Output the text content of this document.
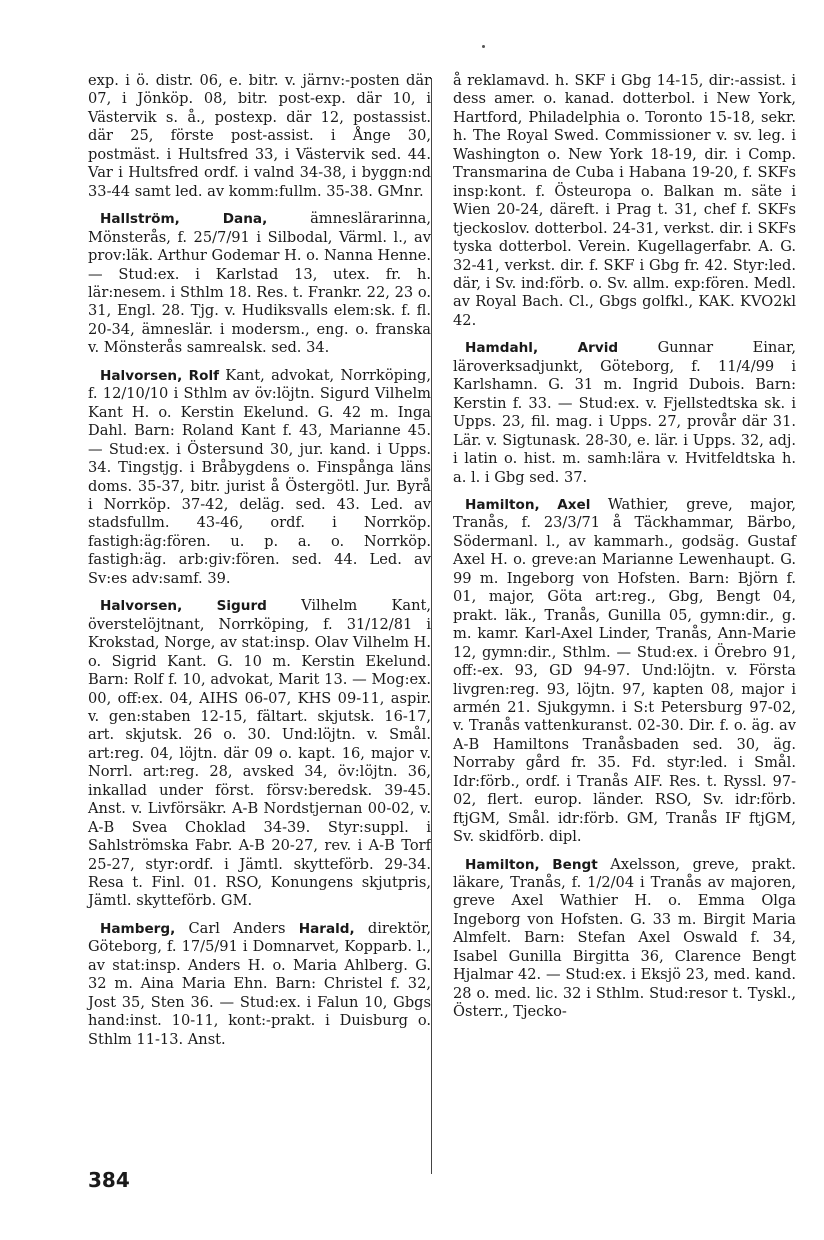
exp. i ö. distr. 06, e. bitr. v. järnv:-posten där 07, i Jönköp. 08, bitr. post-exp. där 10, i Västervik s. å., postexp. där 12, postassist. där 25, förste post-assist. i Ånge 30, postmäst. i Hultsfred 33, i Västervik sed. 44. Var i Hultsfred ordf. i valnd 34-38, i byggn:nd 33-44 samt led. av komm:fullm. 35-38. GMnr.

Hallström, Dana,	ämneslärarinna, Mönsterås, f. 25/7/91 i Silbodal, Värml. l., av prov:läk. Arthur Godemar H. o. Nanna Henne. — Stud:ex. i Karlstad 13, utex. fr. h. lär:nesem. i Sthlm 18. Res. t. Frankr. 22, 23 o. 31, Engl. 28. Tjg. v. Hudiksvalls elem:sk. f. fl. 20-34, ämneslär. i modersm., eng. o. franska v. Mönsterås samrealsk. sed. 34.

Halvorsen, Rolf Kant, advokat, Norrköping, f. 12/10/10 i Sthlm av öv:löjtn. Sigurd Vilhelm Kant H. o. Kerstin Ekelund. G. 42 m. Inga Dahl. Barn: Roland Kant f. 43, Marianne 45. — Stud:ex. i Östersund 30, jur. kand. i Upps. 34. Tingstjg. i Bråbygdens o. Finspånga läns doms. 35-37, bitr. jurist å Östergötl. Jur. Byrå i Norrköp. 37-42, deläg. sed. 43. Led. av stadsfullm. 43-46, ordf. i Norrköp. fastigh:äg:fören. u. p. a. o. Norrköp. fastigh:äg. arb:giv:fören. sed. 44. Led. av Sv:es adv:samf. 39.

Halvorsen, Sigurd Vilhelm Kant, överstelöjtnant, Norrköping, f. 31/12/81 i Krokstad, Norge, av stat:insp. Olav Vilhelm H. o. Sigrid Kant. G. 10 m. Kerstin Ekelund. Barn: Rolf f. 10, advokat, Marit 13. — Mog:ex. 00, off:ex. 04, AIHS 06-07, KHS 09-11, aspir. v. gen:staben 12-15, fältart. skjutsk. 16-17, art. skjutsk. 26 o. 30. Und:löjtn. v. Smål. art:reg. 04, löjtn. där 09 o. kapt. 16, major v. Norrl. art:reg. 28, avsked 34, öv:löjtn. 36, inkallad under först. försv:beredsk. 39-45. Anst. v. Livförsäkr. A-B Nordstjernan 00-02, v. A-B Svea Choklad 34-39. Styr:suppl. i Sahlströmska Fabr. A-B 20-27, rev. i A-B Torf 25-27, styr:ordf. i Jämtl. skytteförb. 29-34. Resa t. Finl. 01. RSO, Konungens skjutpris, Jämtl. skytteförb. GM.

Hamberg, Carl Anders Harald, direktör, Göteborg, f. 17/5/91 i Domnarvet, Kopparb. l., av stat:insp. Anders H. o. Maria Ahlberg. G. 32 m. Aina Maria Ehn. Barn: Christel f. 32, Jost 35, Sten 36. — Stud:ex. i Falun 10, Gbgs hand:inst. 10-11, kont:-prakt. i Duisburg o. Sthlm 11-13. Anst.

å reklamavd. h. SKF i Gbg 14-15, dir:-assist. i dess amer. o. kanad. dotterbol. i New York, Hartford, Philadelphia o. Toronto 15-18, sekr. h. The Royal Swed. Commissioner v. sv. leg. i Washington o. New York 18-19, dir. i Comp. Transmarina de Cuba i Habana 19-20, f. SKFs insp:kont. f. Östeuropa o. Balkan m. säte i Wien 20-24, däreft. i Prag t. 31, chef f. SKFs tjeckoslov. dotterbol. 24-31, verkst. dir. i SKFs tyska dotterbol. Verein. Kugellagerfabr. A. G. 32-41, verkst. dir. f. SKF i Gbg fr. 42. Styr:led. där, i Sv. ind:förb. o. Sv. allm. exp:fören. Medl. av Royal Bach. Cl., Gbgs golfkl., KAK. KVO2kl 42.

Hamdahl, Arvid	Gunnar Einar, läroverksadjunkt, Göteborg, f. 11/4/99 i Karlshamn. G. 31 m. Ingrid Dubois. Barn: Kerstin f. 33. — Stud:ex. v. Fjellstedtska sk. i Upps. 23, fil. mag. i Upps. 27, provår där 31. Lär. v. Sigtunask. 28-30, e. lär. i Upps. 32, adj. i latin o. hist. m. samh:lära v. Hvitfeldtska h. a. l. i Gbg sed. 37.

Hamilton, Axel Wathier, greve, major, Tranås, f. 23/3/71 å Täckhammar, Bärbo, Södermanl. l., av kammarh., godsäg. Gustaf Axel H. o. greve:an Marianne Lewenhaupt. G. 99 m. Ingeborg von Hofsten. Barn: Björn f. 01, major, Göta art:reg., Gbg, Bengt 04, prakt. läk., Tranås, Gunilla 05, gymn:dir., g. m. kamr. Karl-Axel Linder, Tranås, Ann-Marie 12, gymn:dir., Sthlm. — Stud:ex. i Örebro 91, off:-ex. 93, GD 94-97. Und:löjtn. v. Första livgren:reg. 93, löjtn. 97, kapten 08, major i armén 21. Sjukgymn. i S:t Petersburg 97-02, v. Tranås vattenkuranst. 02-30. Dir. f. o. äg. av A-B Hamiltons Tranåsbaden sed. 30, äg. Norraby gård fr. 35. Fd. styr:led. i Smål. Idr:förb., ordf. i Tranås AIF. Res. t. Ryssl. 97-02, flert. europ. länder. RSO, Sv. idr:förb. ftjGM, Smål. idr:förb. GM, Tranås IF ftjGM, Sv. skidförb. dipl.

Hamilton, Bengt Axelsson, greve, prakt. läkare, Tranås, f. 1/2/04 i Tranås av majoren, greve Axel Wathier H. o. Emma Olga Ingeborg von Hofsten. G. 33 m. Birgit Maria Almfelt. Barn: Stefan Axel Oswald f. 34, Isabel Gunilla Birgitta 36, Clarence Bengt Hjalmar 42. — Stud:ex. i Eksjö 23, med. kand. 28 o. med. lic. 32 i Sthlm. Stud:resor t. Tyskl., Österr., Tjecko-

384
